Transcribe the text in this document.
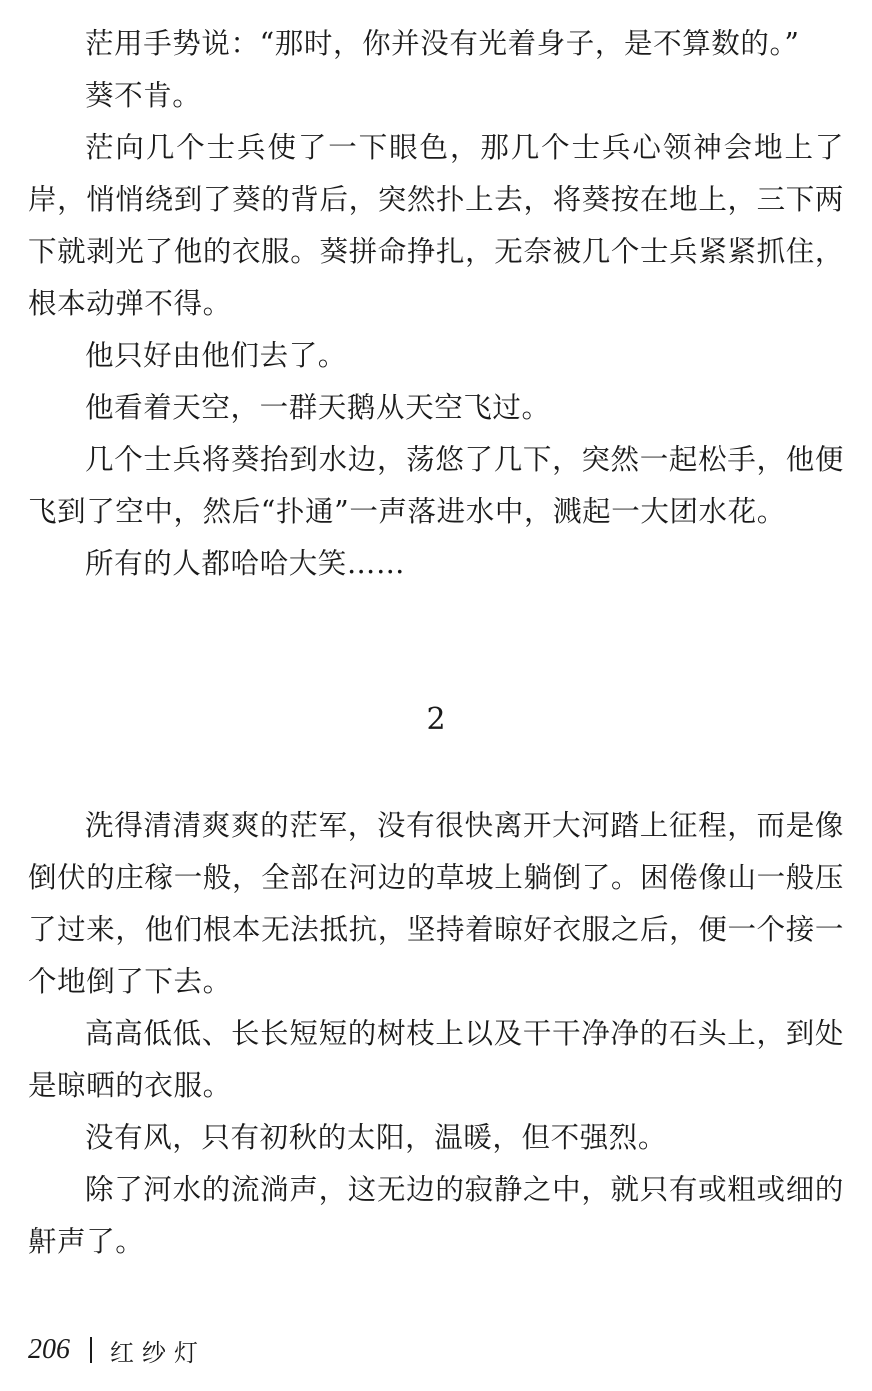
茫用手势说：“那时，你并没有光着身子，是不算数的。”

葵不肯。

茫向几个士兵使了一下眼色，那几个士兵心领神会地上了岸，悄悄绕到了葵的背后，突然扑上去，将葵按在地上，三下两下就剥光了他的衣服。葵拼命挣扎，无奈被几个士兵紧紧抓住，根本动弹不得。

他只好由他们去了。

他看着天空，一群天鹅从天空飞过。

几个士兵将葵抬到水边，荡悠了几下，突然一起松手，他便飞到了空中，然后“扑通”一声落进水中，溅起一大团水花。

所有的人都哈哈大笑……

2

洗得清清爽爽的茫军，没有很快离开大河踏上征程，而是像倒伏的庄稼一般，全部在河边的草坡上躺倒了。困倦像山一般压了过来，他们根本无法抵抗，坚持着晾好衣服之后，便一个接一个地倒了下去。

高高低低、长长短短的树枝上以及干干净净的石头上，到处是晾晒的衣服。

没有风，只有初秋的太阳，温暖，但不强烈。

除了河水的流淌声，这无边的寂静之中，就只有或粗或细的鼾声了。

206 红纱灯
